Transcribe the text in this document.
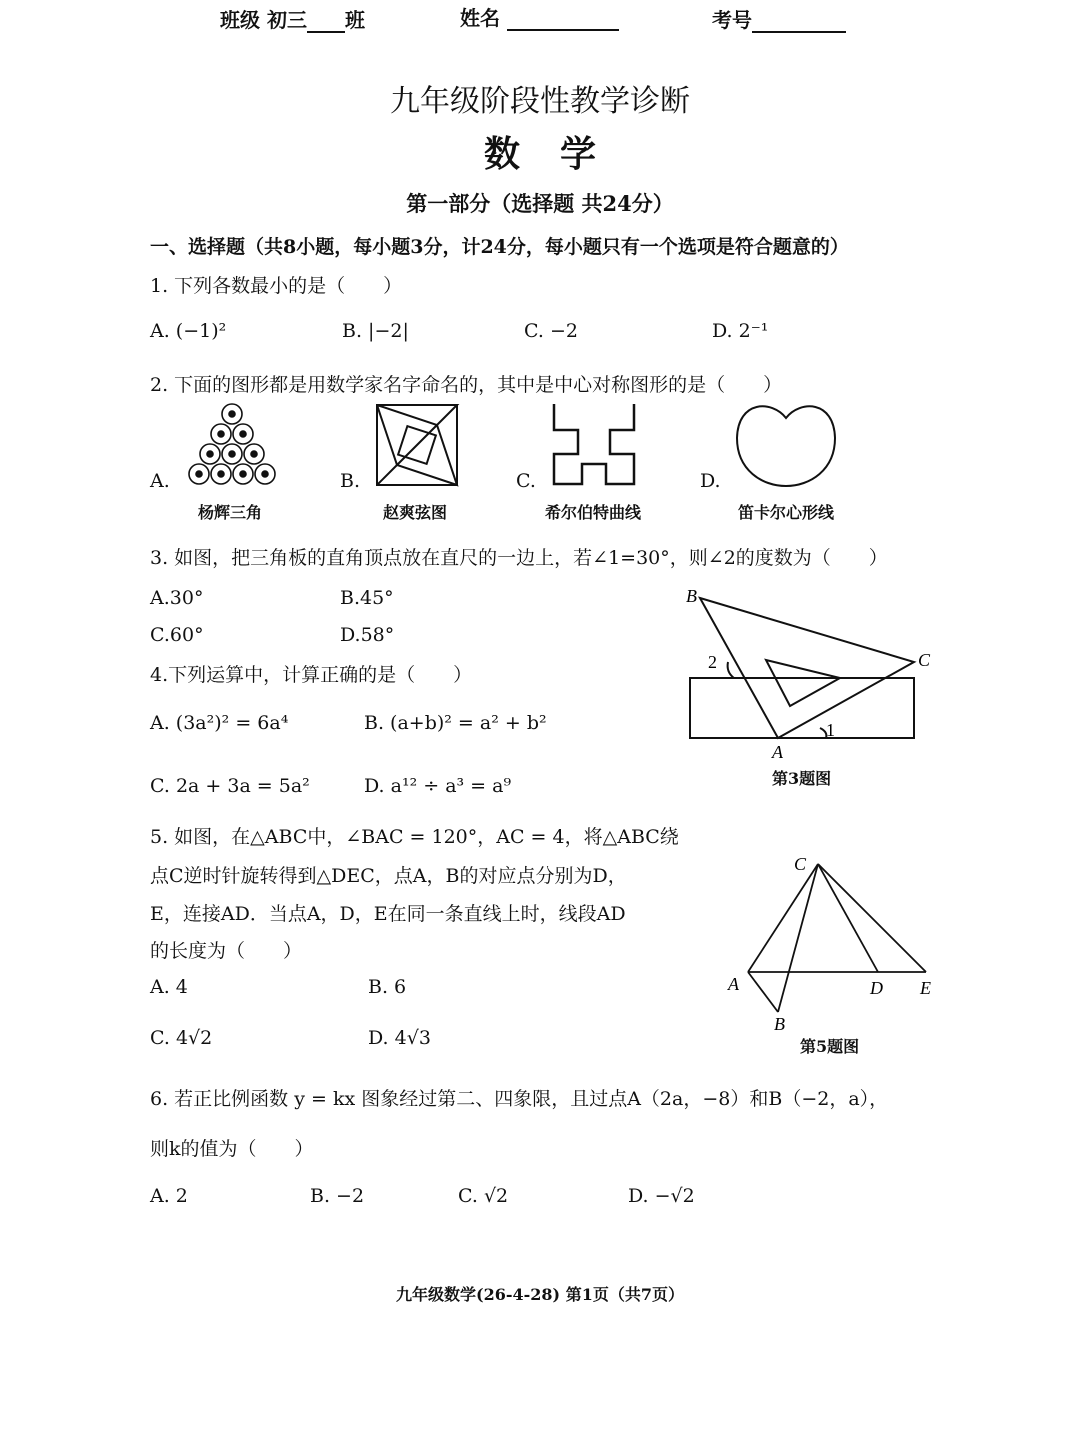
班级 初三 班	姓名	考号
九年级阶段性教学诊断
数学
第一部分（选择题 共24分）
一、选择题（共8小题，每小题3分，计24分，每小题只有一个选项是符合题意的）
1. 下列各数最小的是（　　）
A. (−1)²	B. |−2|	C. −2	D. 2⁻¹
2. 下面的图形都是用数学家名字命名的，其中是中心对称图形的是（　　）
A.
杨辉三角
B.
赵爽弦图
C.
希尔伯特曲线
D.
笛卡尔心形线
3. 如图，把三角板的直角顶点放在直尺的一边上，若∠1=30°，则∠2的度数为（　　）
A.30°	B.45°
C.60°	D.58°
B
C
A
2
1
第3题图
4.下列运算中，计算正确的是（　　）
A. (3a²)² = 6a⁴	B. (a+b)² = a² + b²
C. 2a + 3a = 5a²	D. a¹² ÷ a³ = a⁹
5. 如图，在△ABC中，∠BAC = 120°，AC = 4，将△ABC绕
点C逆时针旋转得到△DEC，点A，B的对应点分别为D，
E，连接AD．当点A，D，E在同一条直线上时，线段AD
的长度为（　　）
A. 4	B. 6
C. 4√2	D. 4√3
C
A	D E
B
第5题图
6. 若正比例函数 y = kx 图象经过第二、四象限，且过点A（2a，−8）和B（−2，a），
则k的值为（　　）
A. 2	B. −2	C. √2	D. −√2
九年级数学(26-4-28) 第1页（共7页）
